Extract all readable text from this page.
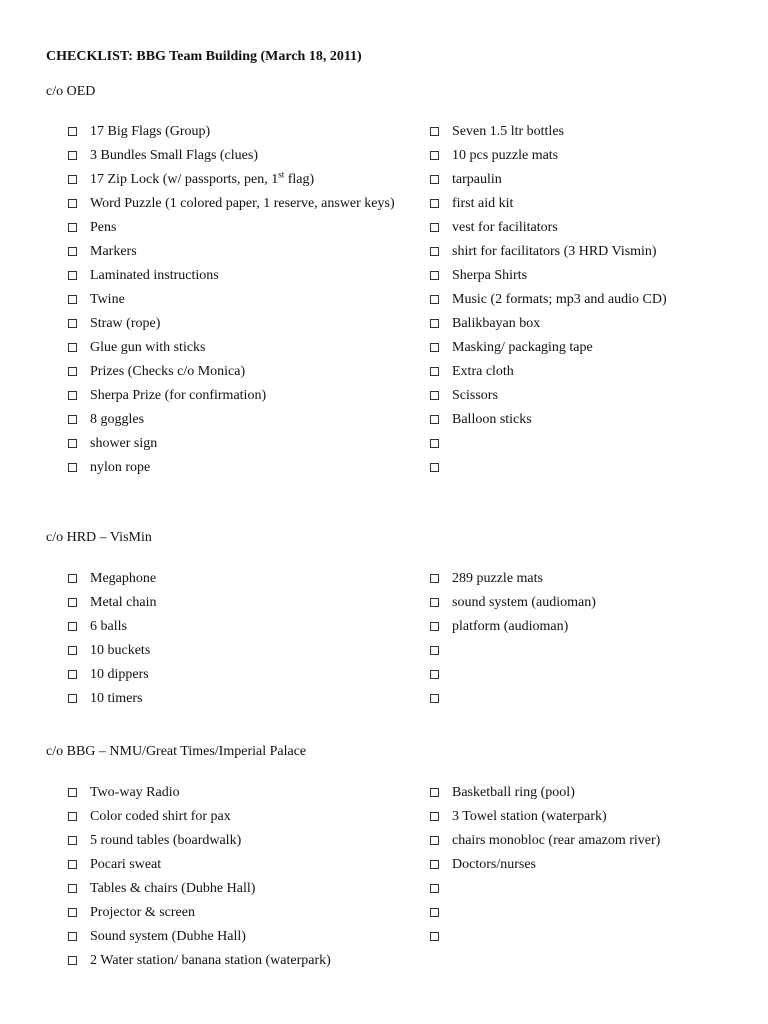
CHECKLIST: BBG Team Building (March 18, 2011)
c/o OED
17 Big Flags (Group)
3 Bundles Small Flags (clues)
17 Zip Lock (w/ passports, pen, 1st flag)
Word Puzzle (1 colored paper, 1 reserve, answer keys)
Pens
Markers
Laminated instructions
Twine
Straw (rope)
Glue gun with sticks
Prizes (Checks c/o Monica)
Sherpa Prize (for confirmation)
8 goggles
shower sign
nylon rope
Seven 1.5 ltr bottles
10 pcs puzzle mats
tarpaulin
first aid kit
vest for facilitators
shirt for facilitators (3 HRD Vismin)
Sherpa Shirts
Music (2 formats; mp3 and audio CD)
Balikbayan box
Masking/ packaging tape
Extra cloth
Scissors
Balloon sticks
c/o HRD – VisMin
Megaphone
Metal chain
6 balls
10 buckets
10 dippers
10 timers
289 puzzle mats
sound system (audioman)
platform (audioman)
c/o BBG – NMU/Great Times/Imperial Palace
Two-way Radio
Color coded shirt for pax
5 round tables (boardwalk)
Pocari sweat
Tables & chairs (Dubhe Hall)
Projector & screen
Sound system (Dubhe Hall)
2 Water station/ banana station (waterpark)
Basketball ring (pool)
3 Towel station (waterpark)
chairs monobloc (rear amazom river)
Doctors/nurses
